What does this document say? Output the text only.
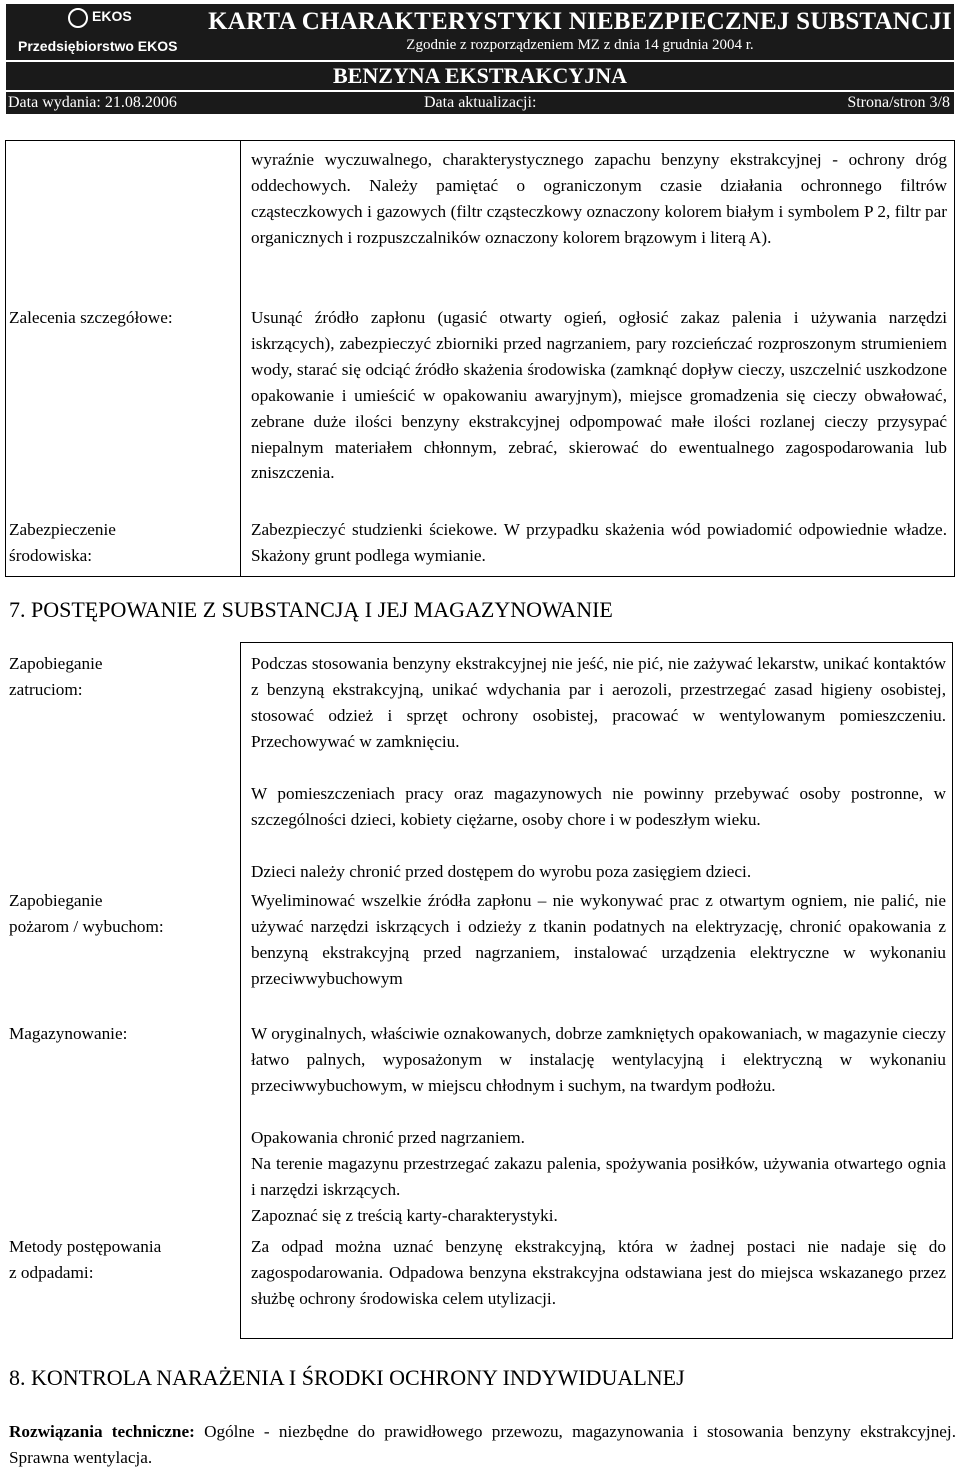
EKOS
Przedsiębiorstwo EKOS
KARTA CHARAKTERYSTYKI NIEBEZPIECZNEJ SUBSTANCJI
Zgodnie z rozporządzeniem MZ z dnia 14 grudnia 2004 r.
BENZYNA EKSTRAKCYJNA
Data wydania: 21.08.2006	Data aktualizacji:	Strona/stron 3/8
wyraźnie wyczuwalnego, charakterystycznego zapachu benzyny ekstrakcyjnej - ochrony dróg oddechowych. Należy pamiętać o ograniczonym czasie działania ochronnego filtrów cząsteczkowych i gazowych (filtr cząsteczkowy oznaczony kolorem białym i symbolem P 2, filtr par organicznych i rozpuszczalników oznaczony kolorem brązowym i literą A).
Zalecenia szczegółowe:	Usunąć źródło zapłonu (ugasić otwarty ogień, ogłosić zakaz palenia i używania narzędzi iskrzących), zabezpieczyć zbiorniki przed nagrzaniem, pary rozcieńczać rozproszonym strumieniem wody, starać się odciąć źródło skażenia środowiska (zamknąć dopływ cieczy, uszczelnić uszkodzone opakowanie i umieścić w opakowaniu awaryjnym), miejsce gromadzenia się cieczy obwałować, zebrane duże ilości benzyny ekstrakcyjnej odpompować małe ilości rozlanej cieczy przysypać niepalnym materiałem chłonnym, zebrać, skierować do ewentualnego zagospodarowania lub zniszczenia.
Zabezpieczenie
środowiska:
Zabezpieczyć studzienki ściekowe. W przypadku skażenia wód powiadomić odpowiednie władze. Skażony grunt podlega wymianie.
7. POSTĘPOWANIE Z SUBSTANCJĄ I JEJ MAGAZYNOWANIE
Zapobieganie
zatruciom:
Podczas stosowania benzyny ekstrakcyjnej nie jeść, nie pić, nie zażywać lekarstw, unikać kontaktów z benzyną ekstrakcyjną, unikać wdychania par i aerozoli, przestrzegać zasad higieny osobistej, stosować odzież i sprzęt ochrony osobistej, pracować w wentylowanym pomieszczeniu. Przechowywać w zamknięciu.
W pomieszczeniach pracy oraz magazynowych nie powinny przebywać osoby postronne, w szczególności dzieci, kobiety ciężarne, osoby chore i w podeszłym wieku.
Dzieci należy chronić przed dostępem do wyrobu poza zasięgiem dzieci.
Zapobieganie
pożarom / wybuchom:
Wyeliminować wszelkie źródła zapłonu – nie wykonywać prac z otwartym ogniem, nie palić, nie używać narzędzi iskrzących i odzieży z tkanin podatnych na elektryzację, chronić opakowania z benzyną ekstrakcyjną przed nagrzaniem, instalować urządzenia elektryczne w wykonaniu przeciwwybuchowym
Magazynowanie:	W oryginalnych, właściwie oznakowanych, dobrze zamkniętych opakowaniach, w magazynie cieczy łatwo palnych, wyposażonym w instalację wentylacyjną i elektryczną w wykonaniu przeciwwybuchowym, w miejscu chłodnym i suchym, na twardym podłożu.
Opakowania chronić przed nagrzaniem.
Na terenie magazynu przestrzegać zakazu palenia, spożywania posiłków, używania otwartego ognia i narzędzi iskrzących.
Zapoznać się z treścią karty-charakterystyki.
Metody postępowania
z odpadami:
Za odpad można uznać benzynę ekstrakcyjną, która w żadnej postaci nie nadaje się do zagospodarowania. Odpadowa benzyna ekstrakcyjna odstawiana jest do miejsca wskazanego przez służbę ochrony środowiska celem utylizacji.
8. KONTROLA NARAŻENIA I ŚRODKI OCHRONY INDYWIDUALNEJ
Rozwiązania techniczne: Ogólne - niezbędne do prawidłowego przewozu, magazynowania i stosowania benzyny ekstrakcyjnej. Sprawna wentylacja.
